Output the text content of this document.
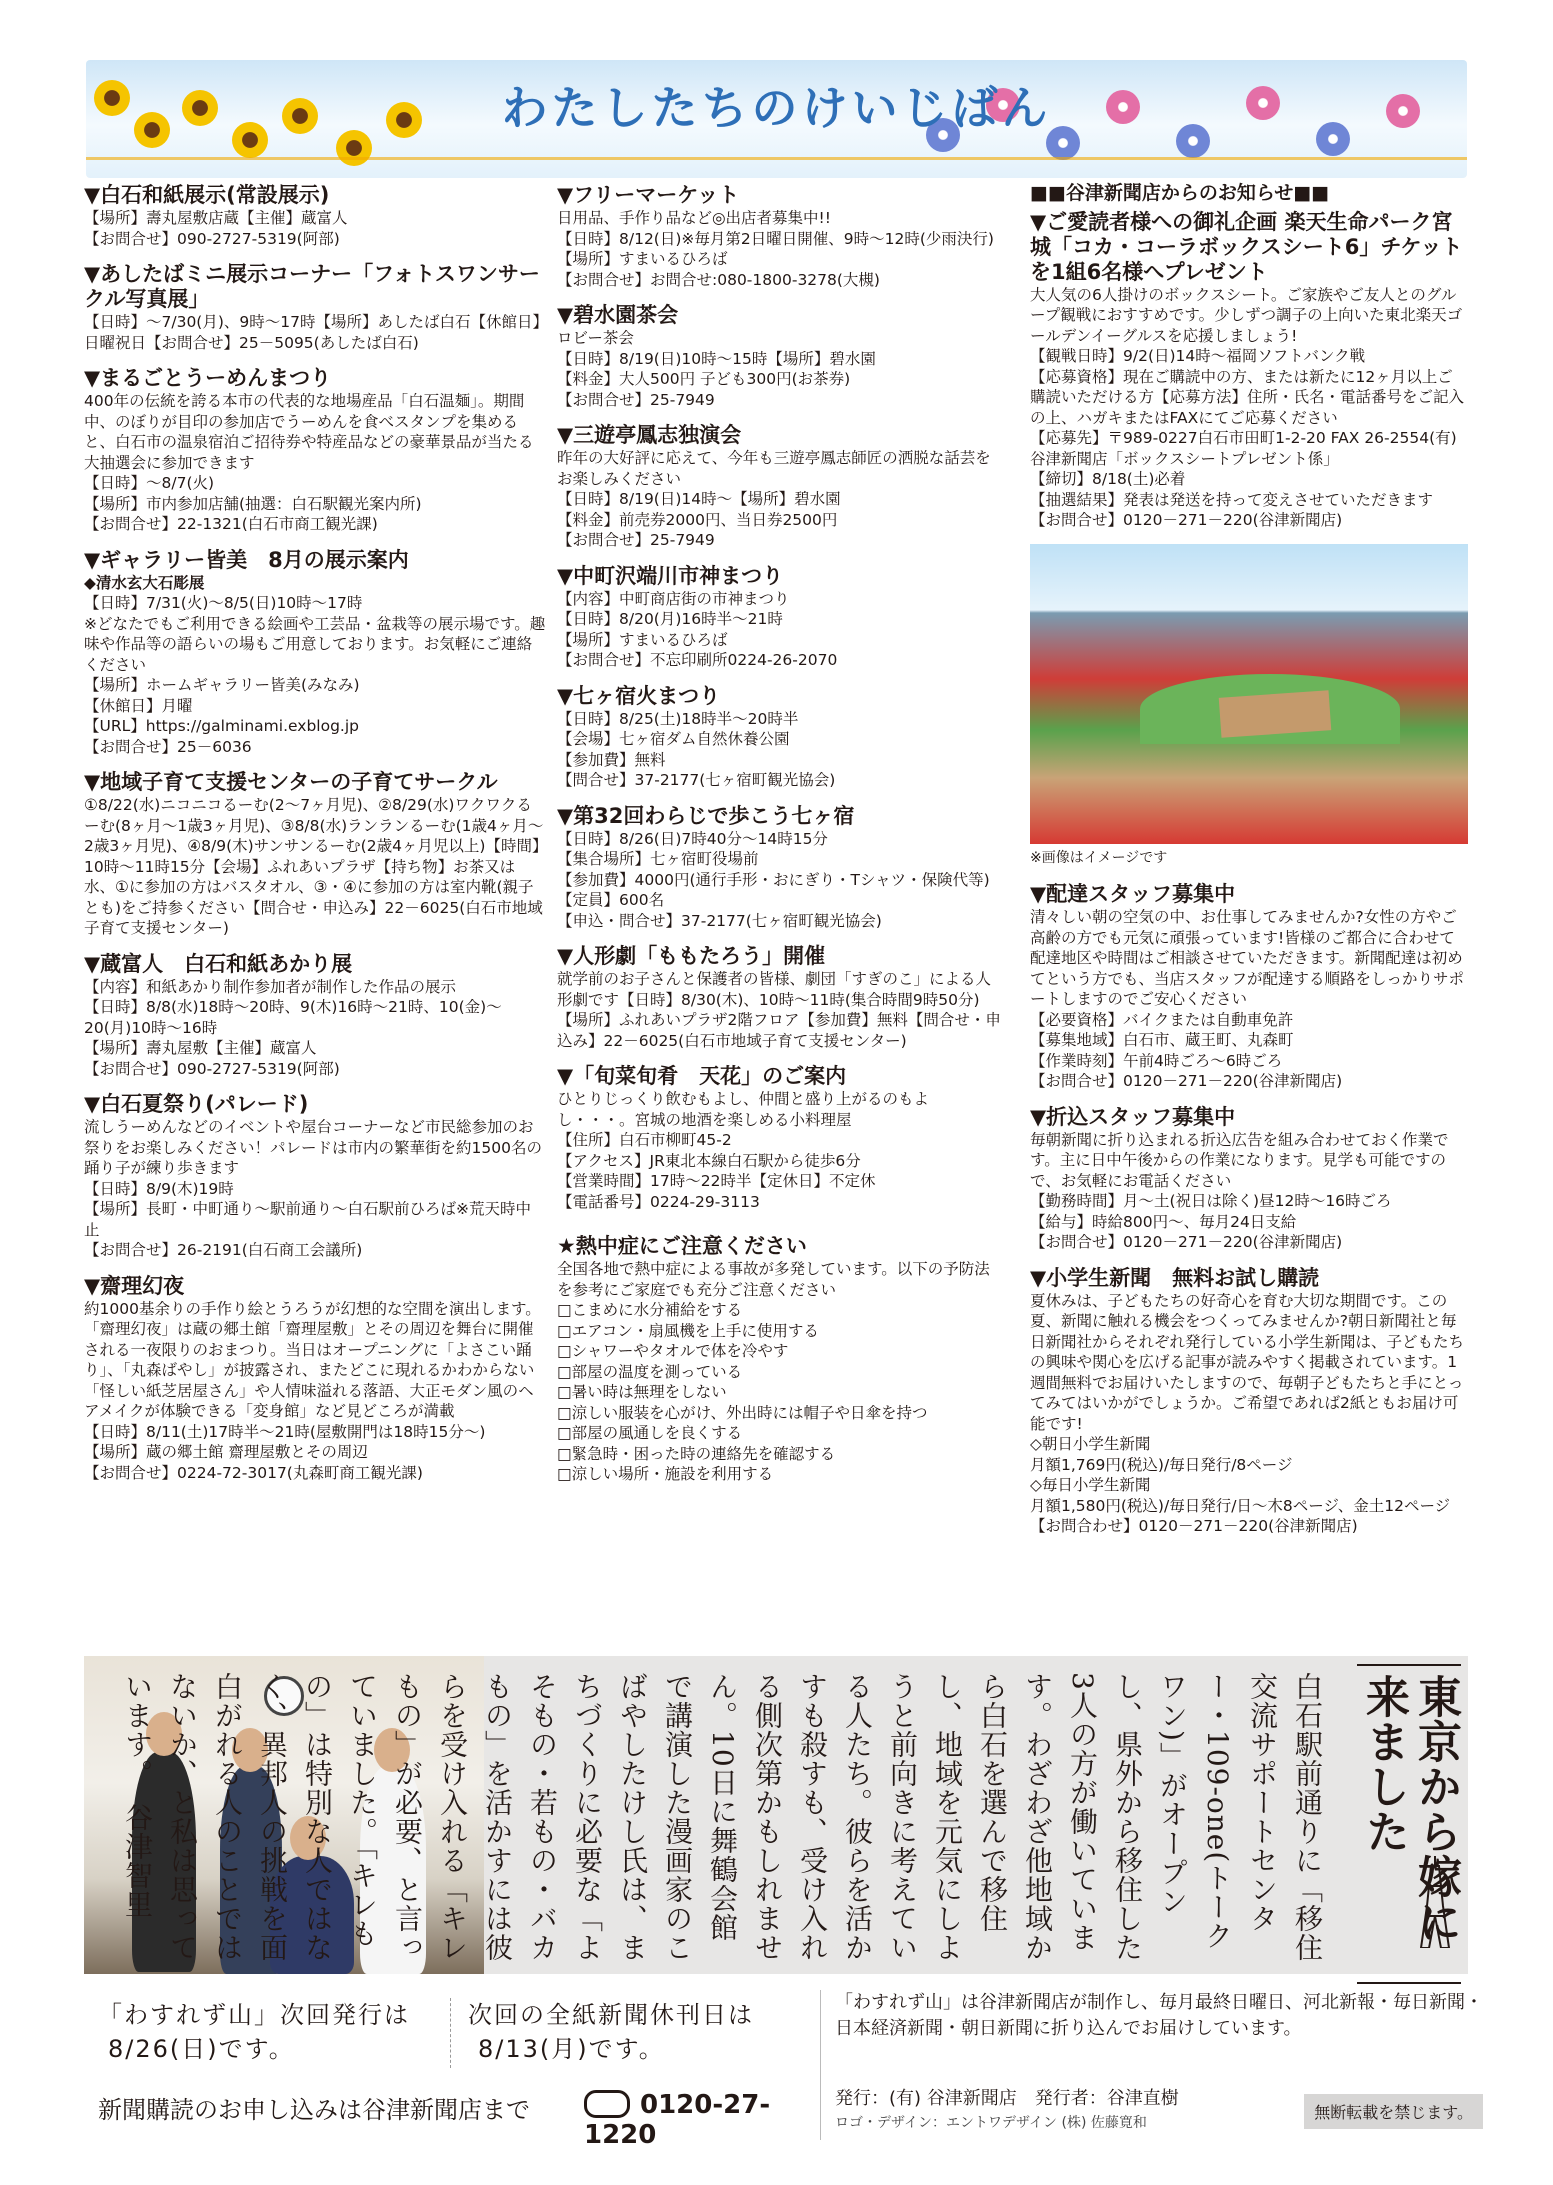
わたしたちのけいじばん
▼白石和紙展示(常設展示)

【場所】壽丸屋敷店蔵【主催】蔵富人

【お問合せ】090-2727-5319(阿部)

▼あしたばミニ展示コーナー「フォトスワンサークル写真展」

【日時】～7/30(月)、9時～17時【場所】あしたば白石【休館日】日曜祝日【お問合せ】25－5095(あしたば白石)

▼まるごとうーめんまつり

400年の伝統を誇る本市の代表的な地場産品「白石温麺」。期間中、のぼりが目印の参加店でうーめんを食べスタンプを集めると、白石市の温泉宿泊ご招待券や特産品などの豪華景品が当たる大抽選会に参加できます

【日時】～8/7(火)

【場所】市内参加店舗(抽選：白石駅観光案内所)

【お問合せ】22-1321(白石市商工観光課)

▼ギャラリー皆美　8月の展示案内

◆清水玄大石彫展

【日時】7/31(火)～8/5(日)10時～17時

※どなたでもご利用できる絵画や工芸品・盆栽等の展示場です。趣味や作品等の語らいの場もご用意しております。お気軽にご連絡ください

【場所】ホームギャラリー皆美(みなみ)

【休館日】月曜

【URL】https://galminami.exblog.jp

【お問合せ】25－6036

▼地域子育て支援センターの子育てサークル

①8/22(水)ニコニコるーむ(2～7ヶ月児)、②8/29(水)ワクワクるーむ(8ヶ月～1歳3ヶ月児)、③8/8(水)ランランるーむ(1歳4ヶ月～2歳3ヶ月児)、④8/9(木)サンサンるーむ(2歳4ヶ月児以上)【時間】10時～11時15分【会場】ふれあいプラザ【持ち物】お茶又は水、①に参加の方はバスタオル、③・④に参加の方は室内靴(親子とも)をご持参ください【問合せ・申込み】22－6025(白石市地域子育て支援センター)

▼蔵富人　白石和紙あかり展

【内容】和紙あかり制作参加者が制作した作品の展示

【日時】8/8(水)18時～20時、9(木)16時～21時、10(金)～20(月)10時～16時

【場所】壽丸屋敷【主催】蔵富人

【お問合せ】090-2727-5319(阿部)

▼白石夏祭り(パレード)

流しうーめんなどのイベントや屋台コーナーなど市民総参加のお祭りをお楽しみください！パレードは市内の繁華街を約1500名の踊り子が練り歩きます

【日時】8/9(木)19時

【場所】長町・中町通り～駅前通り～白石駅前ひろば※荒天時中止

【お問合せ】26-2191(白石商工会議所)

▼齋理幻夜

約1000基余りの手作り絵とうろうが幻想的な空間を演出します。「齋理幻夜」は蔵の郷土館「齋理屋敷」とその周辺を舞台に開催される一夜限りのおまつり。当日はオープニングに「よさこい踊り」、「丸森ばやし」が披露され、またどこに現れるかわからない「怪しい紙芝居屋さん」や人情味溢れる落語、大正モダン風のヘアメイクが体験できる「変身館」など見どころが満載

【日時】8/11(土)17時半～21時(屋敷開門は18時15分～)

【場所】蔵の郷土館 齋理屋敷とその周辺

【お問合せ】0224-72-3017(丸森町商工観光課)

▼フリーマーケット

日用品、手作り品など◎出店者募集中!!

【日時】8/12(日)※毎月第2日曜日開催、9時～12時(少雨決行)

【場所】すまいるひろば

【お問合せ】お問合せ:080-1800-3278(大槻)

▼碧水園茶会

ロビー茶会

【日時】8/19(日)10時～15時【場所】碧水園

【料金】大人500円 子ども300円(お茶券)

【お問合せ】25-7949

▼三遊亭鳳志独演会

昨年の大好評に応えて、今年も三遊亭鳳志師匠の洒脱な話芸をお楽しみください

【日時】8/19(日)14時～【場所】碧水園

【料金】前売券2000円、当日券2500円

【お問合せ】25-7949

▼中町沢端川市神まつり

【内容】中町商店街の市神まつり

【日時】8/20(月)16時半～21時

【場所】すまいるひろば

【お問合せ】不忘印刷所0224-26-2070

▼七ヶ宿火まつり

【日時】8/25(土)18時半～20時半

【会場】七ヶ宿ダム自然休養公園

【参加費】無料

【問合せ】37-2177(七ヶ宿町観光協会)

▼第32回わらじで歩こう七ヶ宿

【日時】8/26(日)7時40分～14時15分

【集合場所】七ヶ宿町役場前

【参加費】4000円(通行手形・おにぎり・Tシャツ・保険代等)【定員】600名

【申込・問合せ】37-2177(七ヶ宿町観光協会)

▼人形劇「ももたろう」開催

就学前のお子さんと保護者の皆様、劇団「すぎのこ」による人形劇です【日時】8/30(木)、10時～11時(集合時間9時50分)

【場所】ふれあいプラザ2階フロア【参加費】無料【問合せ・申込み】22－6025(白石市地域子育て支援センター)

▼「旬菜旬肴　天花」のご案内

ひとりじっくり飲むもよし、仲間と盛り上がるのもよし・・・。宮城の地酒を楽しめる小料理屋

【住所】白石市柳町45-2

【アクセス】JR東北本線白石駅から徒歩6分

【営業時間】17時～22時半【定休日】不定休

【電話番号】0224-29-3113

★熱中症にご注意ください

全国各地で熱中症による事故が多発しています。以下の予防法を参考にご家庭でも充分ご注意ください

□こまめに水分補給をする

□エアコン・扇風機を上手に使用する

□シャワーやタオルで体を冷やす

□部屋の温度を測っている

□暑い時は無理をしない

□涼しい服装を心がけ、外出時には帽子や日傘を持つ

□部屋の風通しを良くする

□緊急時・困った時の連絡先を確認する

□涼しい場所・施設を利用する

■■谷津新聞店からのお知らせ■■

▼ご愛読者様への御礼企画 楽天生命パーク宮城「コカ・コーラボックスシート6」チケットを1組6名様へプレゼント

大人気の6人掛けのボックスシート。ご家族やご友人とのグループ観戦におすすめです。少しずつ調子の上向いた東北楽天ゴールデンイーグルスを応援しましょう!

【観戦日時】9/2(日)14時～福岡ソフトバンク戦

【応募資格】現在ご購読中の方、または新たに12ヶ月以上ご購読いただける方【応募方法】住所・氏名・電話番号をご記入の上、ハガキまたはFAXにてご応募ください

【応募先】〒989-0227白石市田町1-2-20 FAX 26-2554(有)谷津新聞店「ボックスシートプレゼント係」

【締切】8/18(土)必着

【抽選結果】発表は発送を持って変えさせていただきます

【お問合せ】0120－271－220(谷津新聞店)

※画像はイメージです

▼配達スタッフ募集中

清々しい朝の空気の中、お仕事してみませんか?女性の方やご高齢の方でも元気に頑張っています!皆様のご都合に合わせて配達地区や時間はご相談させていただきます。新聞配達は初めてという方でも、当店スタッフが配達する順路をしっかりサポートしますのでご安心ください

【必要資格】バイクまたは自動車免許

【募集地域】白石市、蔵王町、丸森町

【作業時刻】午前4時ごろ～6時ごろ

【お問合せ】0120－271－220(谷津新聞店)

▼折込スタッフ募集中

毎朝新聞に折り込まれる折込広告を組み合わせておく作業です。主に日中午後からの作業になります。見学も可能ですので、お気軽にお電話ください

【勤務時間】月～土(祝日は除く)昼12時～16時ごろ

【給与】時給800円～、毎月24日支給

【お問合せ】0120－271－220(谷津新聞店)

▼小学生新聞　無料お試し購読

夏休みは、子どもたちの好奇心を育む大切な期間です。この夏、新聞に触れる機会をつくってみませんか?朝日新聞社と毎日新聞社からそれぞれ発行している小学生新聞は、子どもたちの興味や関心を広げる記事が読みやすく掲載されています。1週間無料でお届けいたしますので、毎朝子どもたちと手にとってみてはいかがでしょうか。ご希望であれば2紙ともお届け可能です!

◇朝日小学生新聞

月額1,769円(税込)/毎日発行/8ページ

◇毎日小学生新聞

月額1,580円(税込)/毎日発行/日～木8ページ、金土12ページ

【お問合わせ】0120－271－220(谷津新聞店)

白石駅前通りに「移住交流サポートセンター・109-one(トークワン)」がオープンし、県外から移住した3人の方が働いています。わざわざ他地域から白石を選んで移住し、地域を元気にしようと前向きに考えている人たち。彼らを活かすも殺すも、受け入れる側次第かもしれません。10日に舞鶴会館で講演した漫画家のこばやしたけし氏は、まちづくりに必要な「よそもの・若もの・バカもの」を活かすには彼らを受け入れる「キレもの」が必要、と言っていました。「キレもの」は特別な人ではなく、異邦人の挑戦を面白がれる人のことではないか、と私は思っています。　谷津智里	東京から嫁に来ました
「わすれず山」次回発行は
8/26(日)です。
次回の全紙新聞休刊日は
8/13(月)です。
新聞購読のお申し込みは谷津新聞店まで	0120-27-1220

「わすれず山」は谷津新聞店が制作し、毎月最終日曜日、河北新報・毎日新聞・日本経済新聞・朝日新聞に折り込んでお届けしています。

発行：(有) 谷津新聞店　発行者：谷津直樹
ロゴ・デザイン：エントワデザイン (株) 佐藤寛和
無断転載を禁じます。
